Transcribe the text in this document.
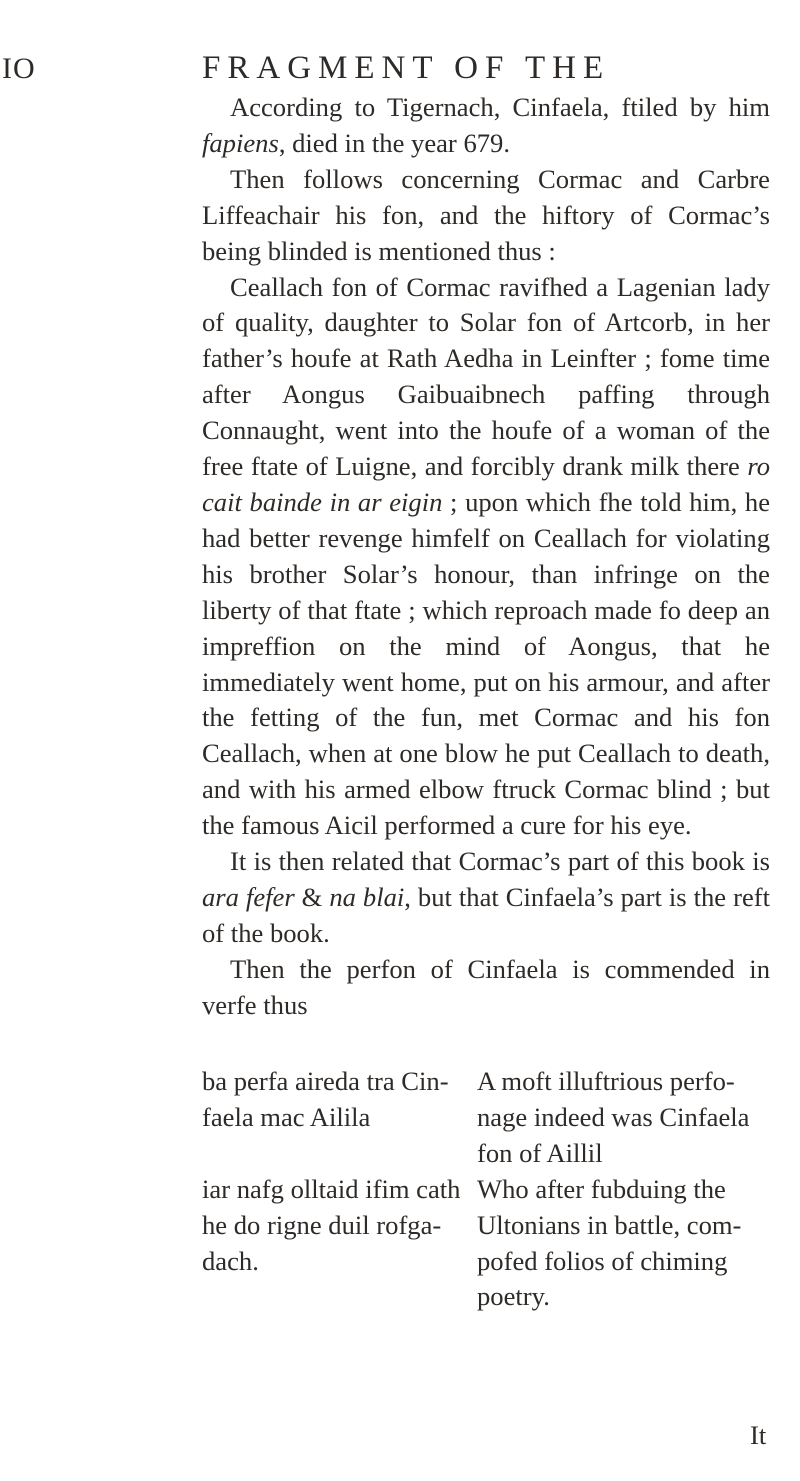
IO	FRAGMENT OF THE

According to Tigernach, Cinfaela, ftiled by him fapiens, died in the year 679.

Then follows concerning Cormac and Carbre Liffeachair his fon, and the hiftory of Cormac’s being blinded is mentioned thus :

Ceallach fon of Cormac ravifhed a Lagenian lady of quality, daughter to Solar fon of Artcorb, in her father’s houfe at Rath Aedha in Leinfter ; fome time after Aongus Gaibuaibnech paffing through Connaught, went into the houfe of a woman of the free ftate of Luigne, and forcibly drank milk there ro cait bainde in ar eigin ; upon which fhe told him, he had better revenge himfelf on Ceallach for violating his brother Solar’s honour, than infringe on the liberty of that ftate ; which reproach made fo deep an impreffion on the mind of Aongus, that he immediately went home, put on his armour, and after the fetting of the fun, met Cormac and his fon Ceallach, when at one blow he put Ceallach to death, and with his armed elbow ftruck Cormac blind ; but the famous Aicil performed a cure for his eye.

It is then related that Cormac’s part of this book is ara fefer & na blai, but that Cinfaela’s part is the reft of the book.

Then the perfon of Cinfaela is commended in verfe thus

ba perfa aireda tra Cin-
faela mac Ailila
A moft illuftrious perfo-
nage indeed was Cinfaela
fon of Aillil
iar nafg olltaid ifim cath
he do rigne duil rofga-
dach.
Who after fubduing the
Ultonians in battle, com-
pofed folios of chiming
poetry.
It
